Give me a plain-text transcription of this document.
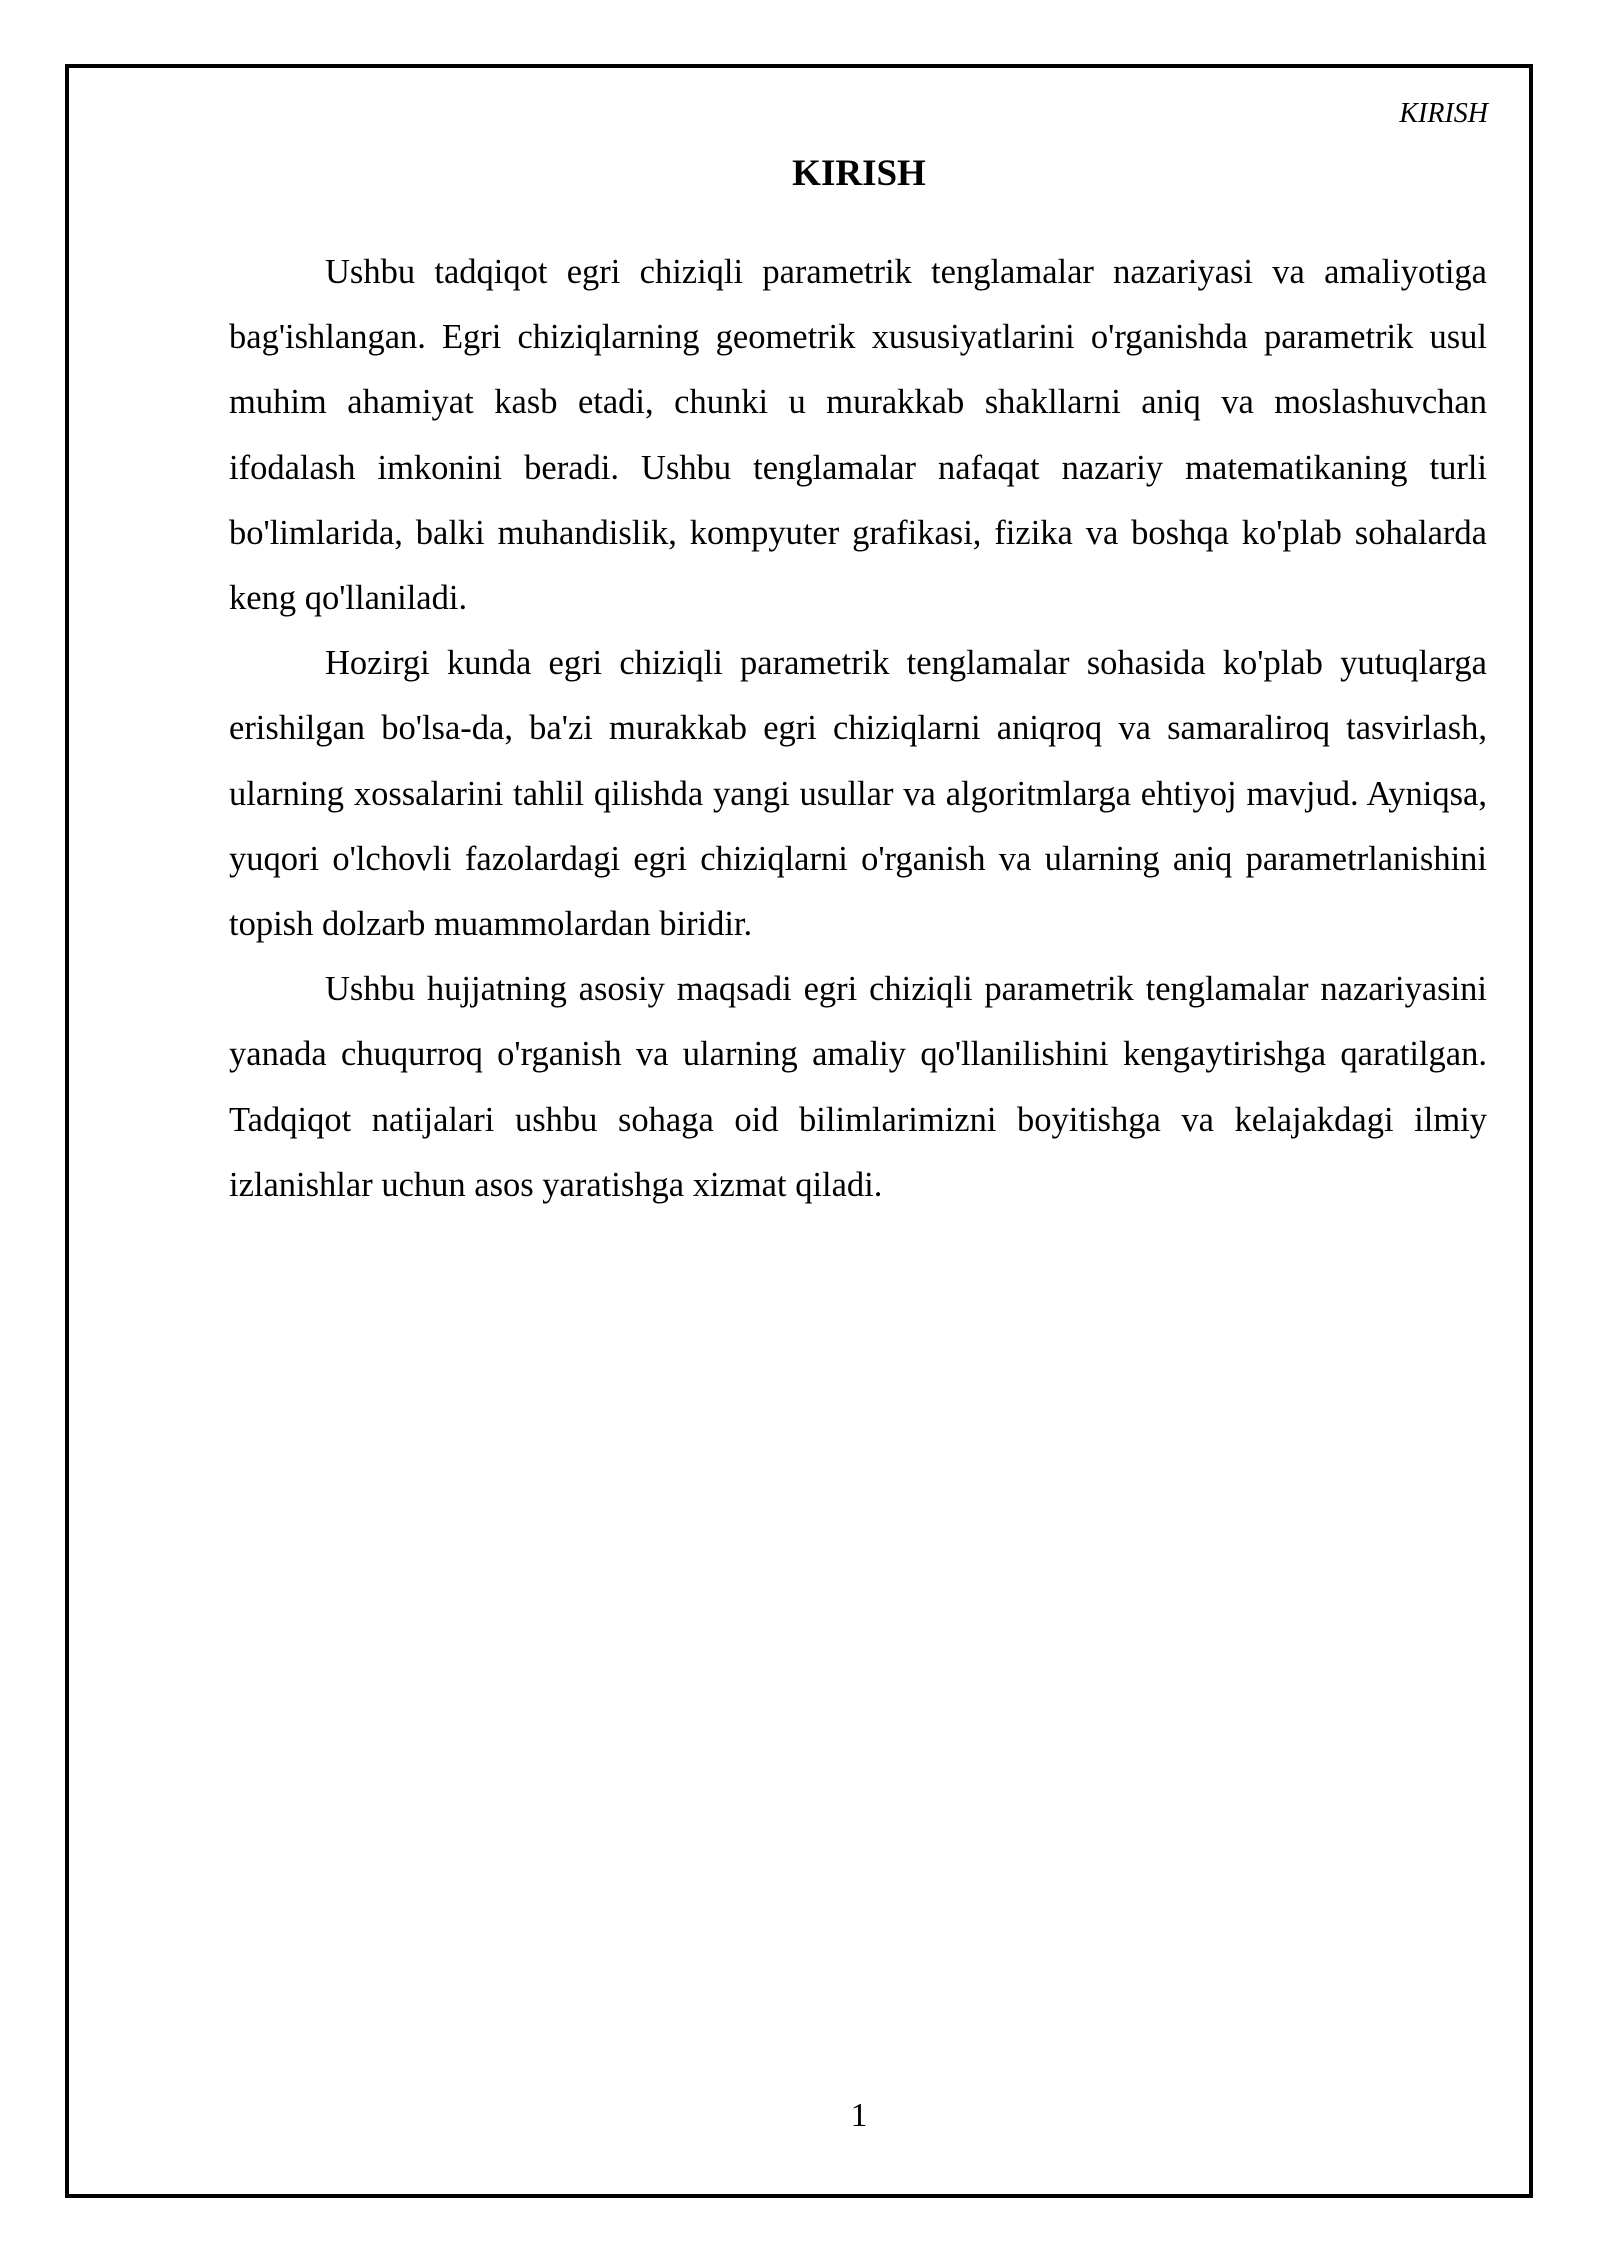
KIRISH
KIRISH

Ushbu tadqiqot egri chiziqli parametrik tenglamalar nazariyasi va amaliyotiga bag'ishlangan. Egri chiziqlarning geometrik xususiyatlarini o'rganishda parametrik usul muhim ahamiyat kasb etadi, chunki u murakkab shakllarni aniq va moslashuvchan ifodalash imkonini beradi. Ushbu tenglamalar nafaqat nazariy matematikaning turli bo'limlarida, balki muhandislik, kompyuter grafikasi, fizika va boshqa ko'plab sohalarda keng qo'llaniladi.

Hozirgi kunda egri chiziqli parametrik tenglamalar sohasida ko'plab yutuqlarga erishilgan bo'lsa-da, ba'zi murakkab egri chiziqlarni aniqroq va samaraliroq tasvirlash, ularning xossalarini tahlil qilishda yangi usullar va algoritmlarga ehtiyoj mavjud. Ayniqsa, yuqori o'lchovli fazolardagi egri chiziqlarni o'rganish va ularning aniq parametrlanishini topish dolzarb muammolardan biridir.

Ushbu hujjatning asosiy maqsadi egri chiziqli parametrik tenglamalar nazariyasini yanada chuqurroq o'rganish va ularning amaliy qo'llanilishini kengaytirishga qaratilgan. Tadqiqot natijalari ushbu sohaga oid bilimlarimizni boyitishga va kelajakdagi ilmiy izlanishlar uchun asos yaratishga xizmat qiladi.

1
